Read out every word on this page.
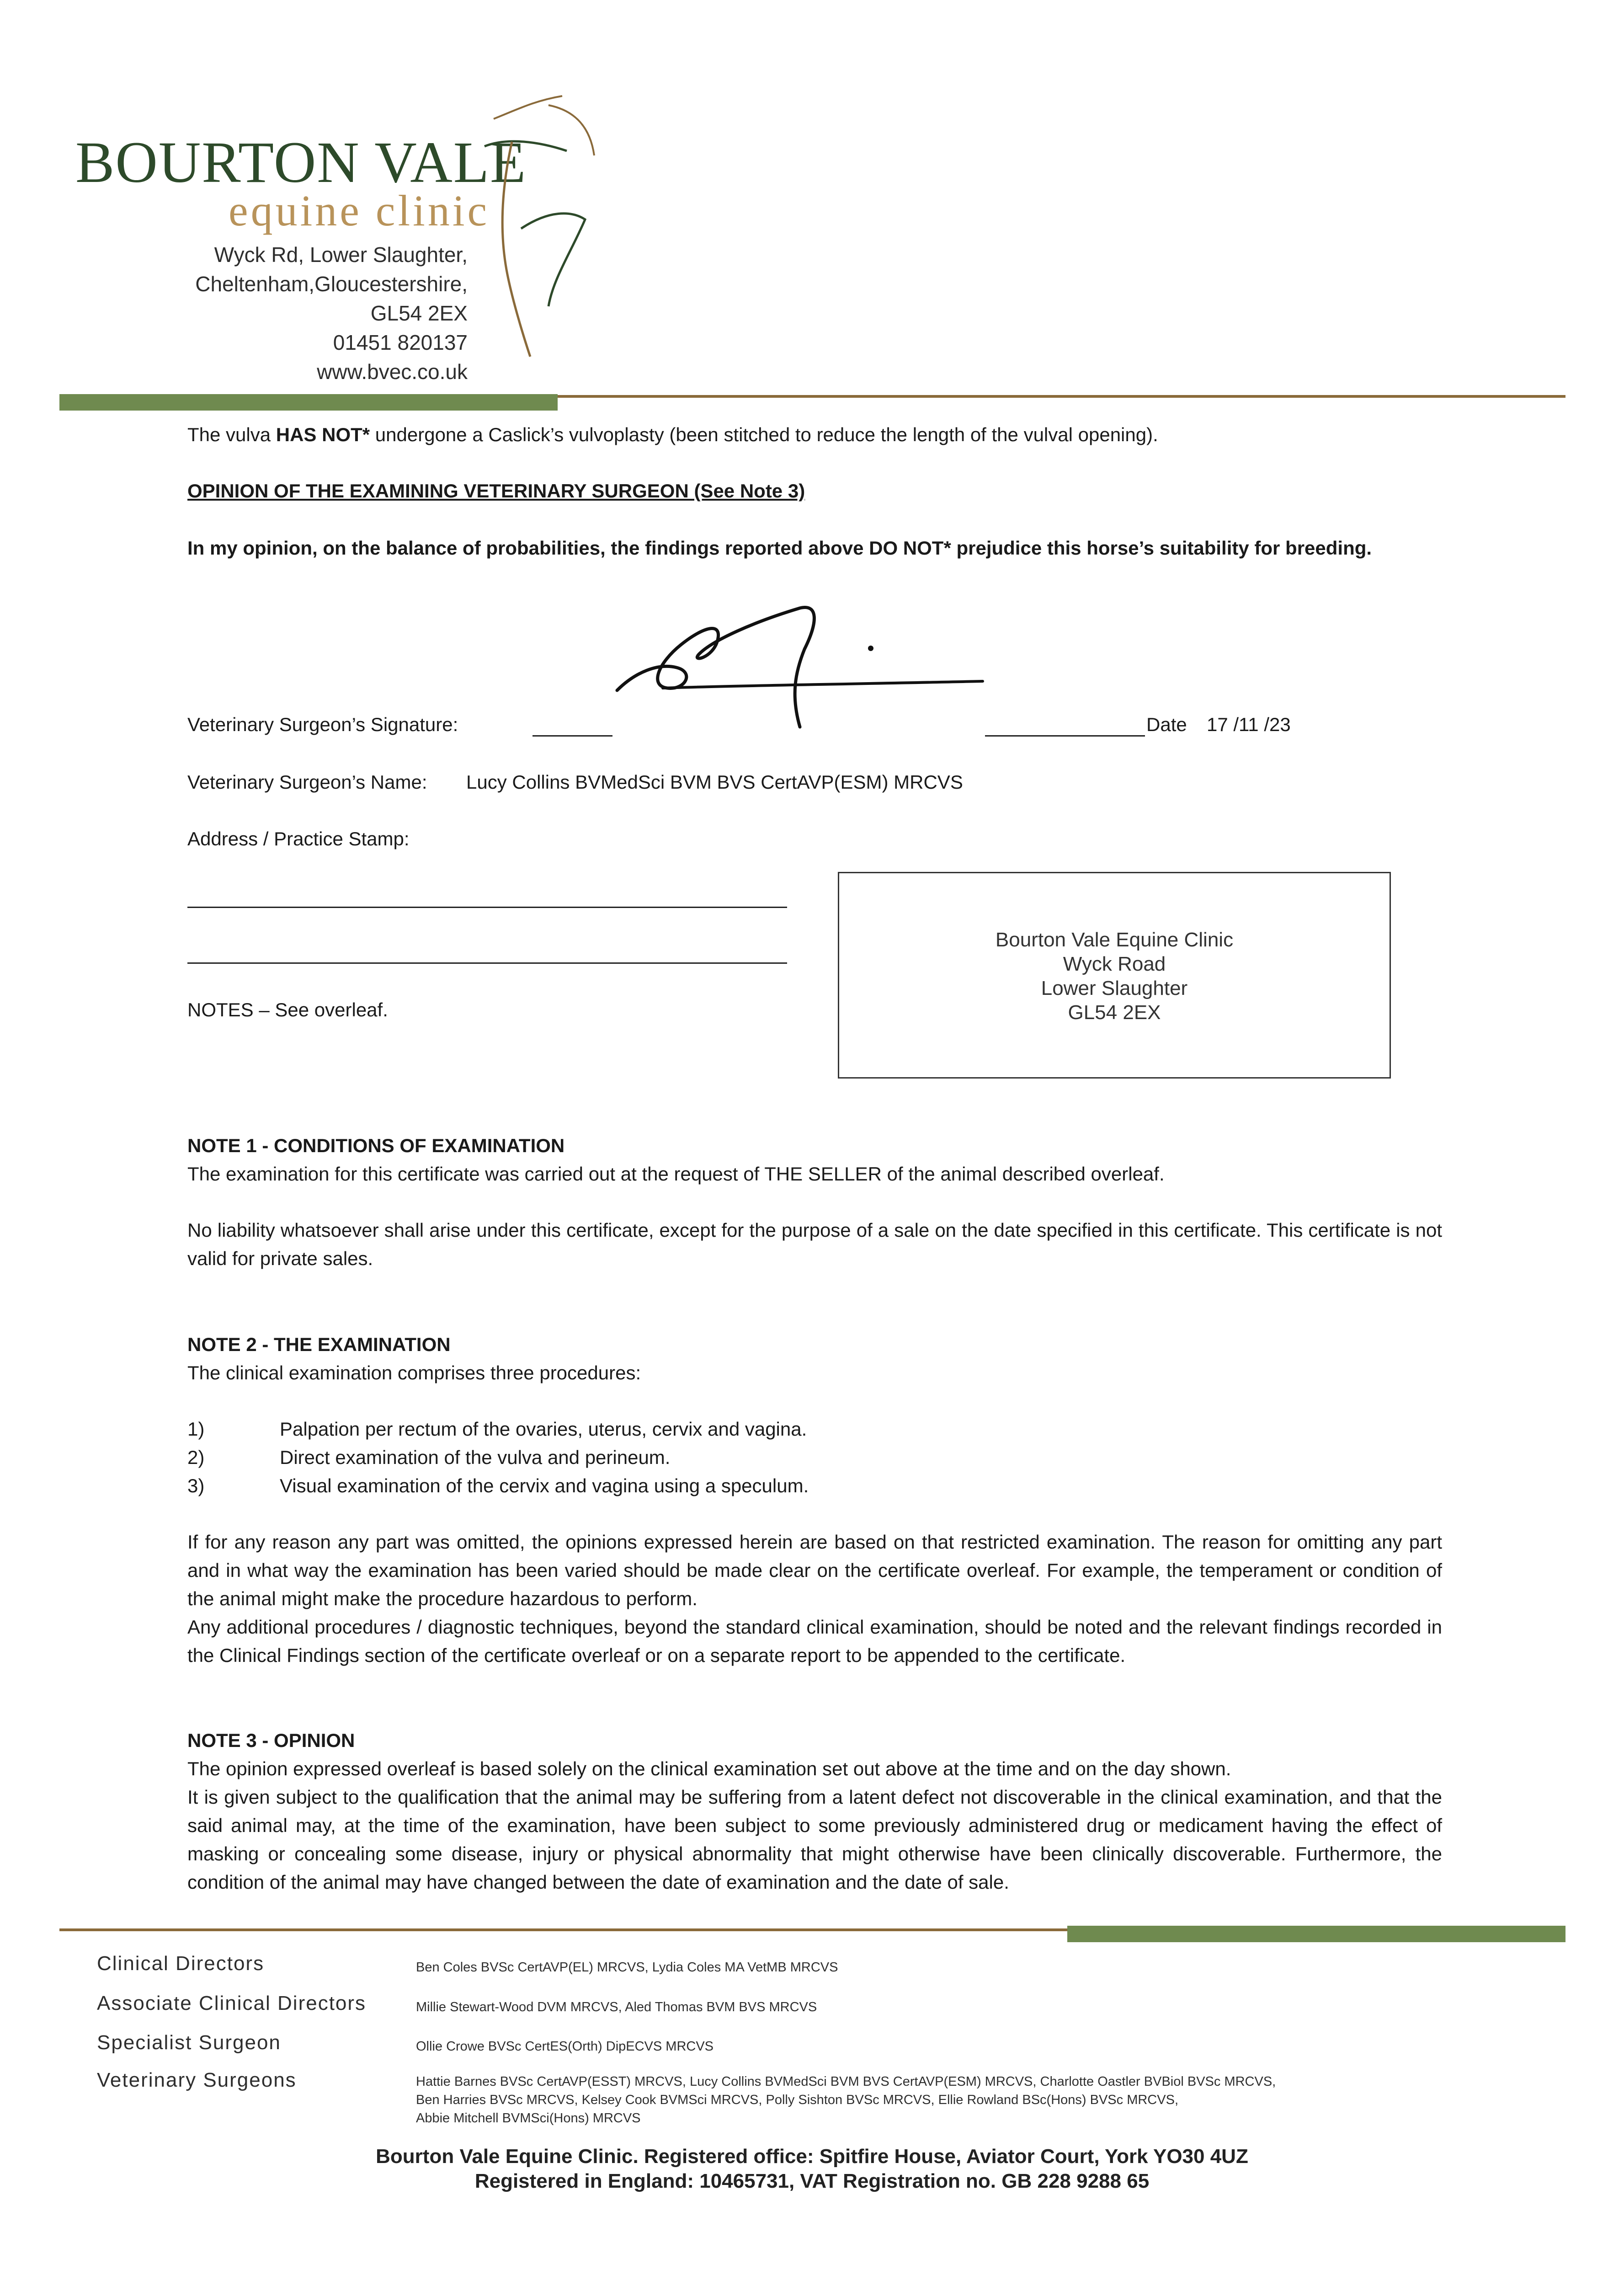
BOURTON VALE
equine clinic
Wyck Rd, Lower Slaughter,
Cheltenham,Gloucestershire,
GL54 2EX
01451 820137
www.bvec.co.uk
The vulva HAS NOT* undergone a Caslick’s vulvoplasty (been stitched to reduce the length of the vulval opening).
OPINION OF THE EXAMINING VETERINARY SURGEON (See Note 3)
In my opinion, on the balance of probabilities, the findings reported above DO NOT* prejudice this horse’s suitability for breeding.
Veterinary Surgeon’s Signature:	Date 17 /11 /23
Veterinary Surgeon’s Name: Lucy Collins BVMedSci BVM BVS CertAVP(ESM) MRCVS
Address / Practice Stamp:
NOTES – See overleaf.
Bourton Vale Equine Clinic
Wyck Road
Lower Slaughter
GL54 2EX
NOTE 1 - CONDITIONS OF EXAMINATION
The examination for this certificate was carried out at the request of THE SELLER of the animal described overleaf.
No liability whatsoever shall arise under this certificate, except for the purpose of a sale on the date specified in this certificate. This certificate is not valid for private sales.
NOTE 2 - THE EXAMINATION
The clinical examination comprises three procedures:
1)	Palpation per rectum of the ovaries, uterus, cervix and vagina.
2)	Direct examination of the vulva and perineum.
3)	Visual examination of the cervix and vagina using a speculum.
If for any reason any part was omitted, the opinions expressed herein are based on that restricted examination. The reason for omitting any part and in what way the examination has been varied should be made clear on the certificate overleaf. For example, the temperament or condition of the animal might make the procedure hazardous to perform.
Any additional procedures / diagnostic techniques, beyond the standard clinical examination, should be noted and the relevant findings recorded in the Clinical Findings section of the certificate overleaf or on a separate report to be appended to the certificate.
NOTE 3 - OPINION
The opinion expressed overleaf is based solely on the clinical examination set out above at the time and on the day shown.
It is given subject to the qualification that the animal may be suffering from a latent defect not discoverable in the clinical examination, and that the said animal may, at the time of the examination, have been subject to some previously administered drug or medicament having the effect of masking or concealing some disease, injury or physical abnormality that might otherwise have been clinically discoverable. Furthermore, the condition of the animal may have changed between the date of examination and the date of sale.
Clinical Directors	Ben Coles BVSc CertAVP(EL) MRCVS, Lydia Coles MA VetMB MRCVS
Associate Clinical Directors	Millie Stewart-Wood DVM MRCVS, Aled Thomas BVM BVS MRCVS
Specialist Surgeon	Ollie Crowe BVSc CertES(Orth) DipECVS MRCVS
Veterinary Surgeons	Hattie Barnes BVSc CertAVP(ESST) MRCVS, Lucy Collins BVMedSci BVM BVS CertAVP(ESM) MRCVS, Charlotte Oastler BVBiol BVSc MRCVS,
Ben Harries BVSc MRCVS, Kelsey Cook BVMSci MRCVS, Polly Sishton BVSc MRCVS, Ellie Rowland BSc(Hons) BVSc MRCVS,
Abbie Mitchell BVMSci(Hons) MRCVS
Bourton Vale Equine Clinic. Registered office: Spitfire House, Aviator Court, York YO30 4UZ
Registered in England: 10465731, VAT Registration no. GB 228 9288 65
